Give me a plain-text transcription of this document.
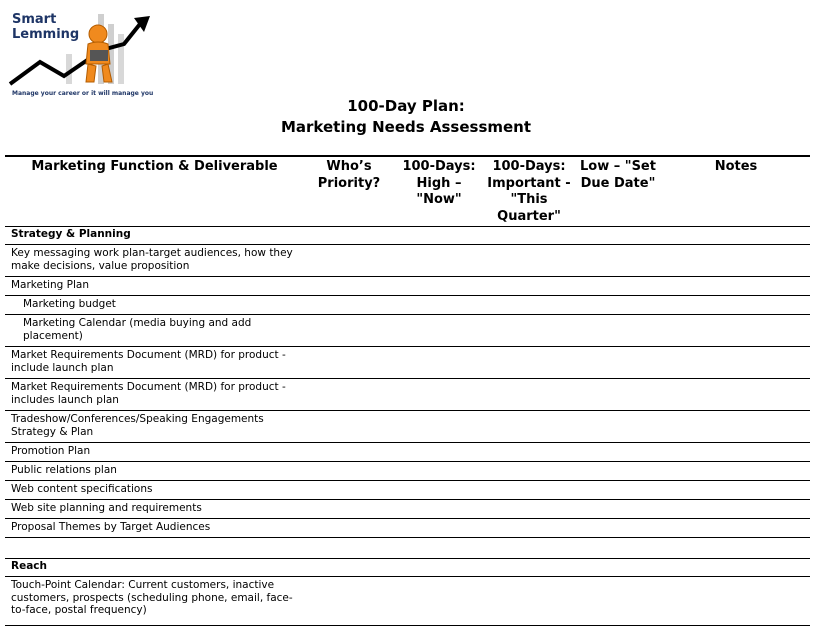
Smart
Lemming
Manage your career or it will manage you
100-Day Plan:
Marketing Needs Assessment
Marketing Function & Deliverable	Who’s Priority?	100-Days: High – "Now"	100-Days: Important - "This Quarter"	Low – "Set Due Date"	Notes
Strategy & Planning					
Key messaging work plan-target audiences, how they make decisions, value proposition					
Marketing Plan					
Marketing budget					
Marketing Calendar (media buying and add placement)					
Market Requirements Document (MRD) for product - include launch plan					
Market Requirements Document (MRD) for product - includes launch plan					
Tradeshow/Conferences/Speaking Engagements Strategy & Plan					
Promotion Plan					
Public relations plan					
Web content specifications					
Web site planning and requirements					
Proposal Themes by Target Audiences					

Reach					
Touch-Point Calendar: Current customers, inactive customers, prospects (scheduling phone, email, face-to-face, postal frequency)					
